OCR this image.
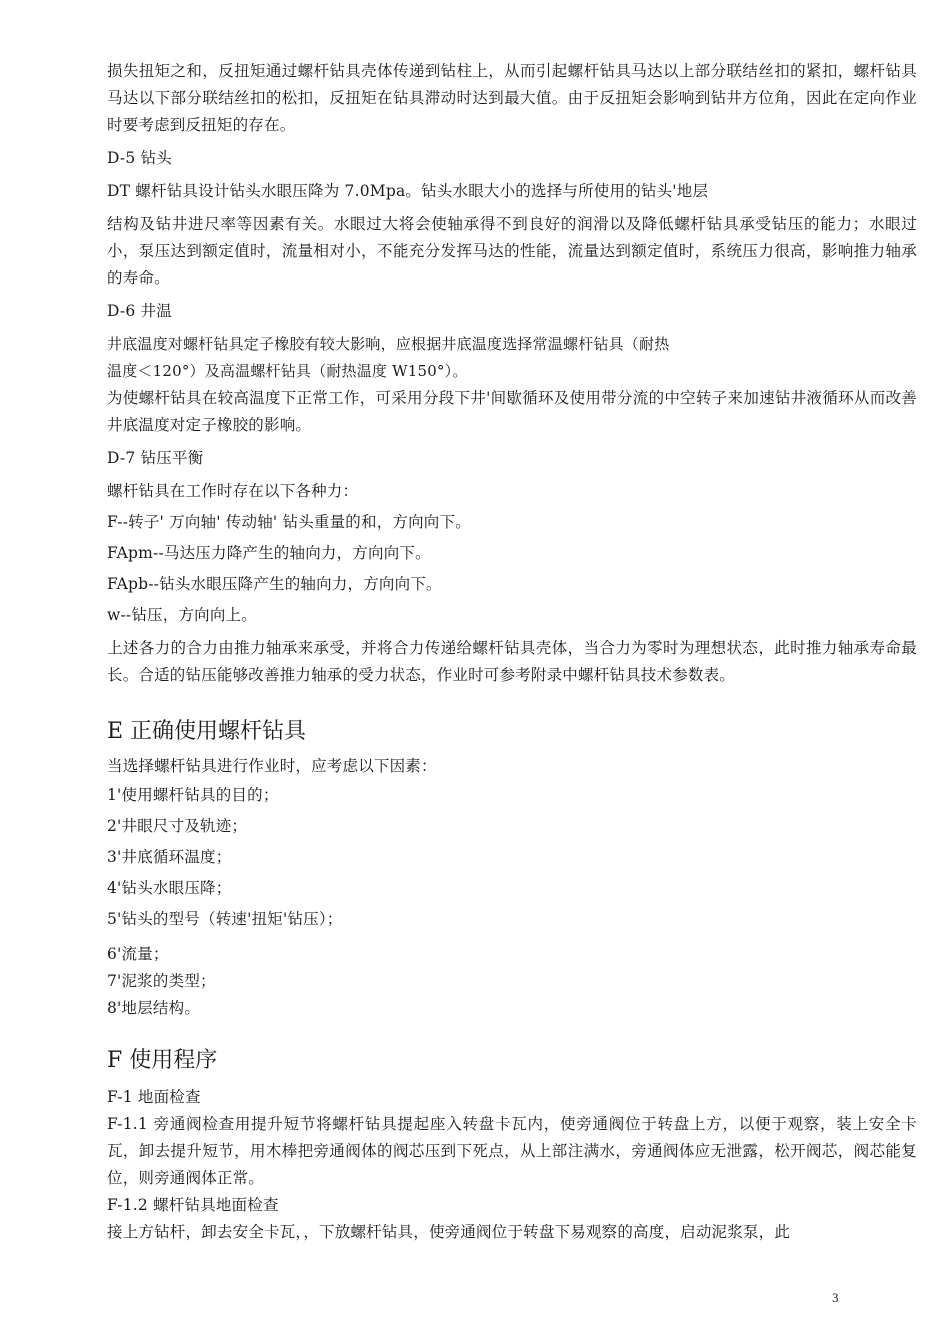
损失扭矩之和，反扭矩通过螺杆钻具壳体传递到钻柱上，从而引起螺杆钻具马达以上部分联结丝扣的紧扣，螺杆钻具马达以下部分联结丝扣的松扣，反扭矩在钻具滞动时达到最大值。由于反扭矩会影响到钻井方位角，因此在定向作业时要考虑到反扭矩的存在。

D-5 钻头

DT 螺杆钻具设计钻头水眼压降为 7.0Mpa。钻头水眼大小的选择与所使用的钻头'地层

结构及钻井进尺率等因素有关。水眼过大将会使轴承得不到良好的润滑以及降低螺杆钻具承受钻压的能力；水眼过小，泵压达到额定值时，流量相对小，不能充分发挥马达的性能，流量达到额定值时，系统压力很高，影响推力轴承的寿命。

D-6 井温

井底温度对螺杆钻具定子橡胶有较大影响，应根据井底温度选择常温螺杆钻具（耐热

温度＜120°）及高温螺杆钻具（耐热温度 W150°）。

为使螺杆钻具在较高温度下正常工作，可采用分段下井'间歇循环及使用带分流的中空转子来加速钻井液循环从而改善井底温度对定子橡胶的影响。

D-7 钻压平衡

螺杆钻具在工作时存在以下各种力：

F--转子' 万向轴' 传动轴' 钻头重量的和，方向向下。

FApm--马达压力降产生的轴向力，方向向下。

FApb--钻头水眼压降产生的轴向力，方向向下。

w--钻压，方向向上。

上述各力的合力由推力轴承来承受，并将合力传递给螺杆钻具壳体，当合力为零时为理想状态，此时推力轴承寿命最长。合适的钻压能够改善推力轴承的受力状态，作业时可参考附录中螺杆钻具技术参数表。

E 正确使用螺杆钻具

当选择螺杆钻具进行作业时，应考虑以下因素：

1'使用螺杆钻具的目的；

2'井眼尺寸及轨迹；

3'井底循环温度；

4'钻头水眼压降；

5'钻头的型号（转速'扭矩'钻压）；

6'流量；

7'泥浆的类型；

8'地层结构。

F 使用程序

F-1 地面检查

F-1.1 旁通阀检查用提升短节将螺杆钻具提起座入转盘卡瓦内，使旁通阀位于转盘上方，以便于观察，装上安全卡瓦，卸去提升短节，用木棒把旁通阀体的阀芯压到下死点，从上部注满水，旁通阀体应无泄露，松开阀芯，阀芯能复位，则旁通阀体正常。

F-1.2 螺杆钻具地面检查

接上方钻杆，卸去安全卡瓦，，下放螺杆钻具，使旁通阀位于转盘下易观察的高度，启动泥浆泵，此

3
